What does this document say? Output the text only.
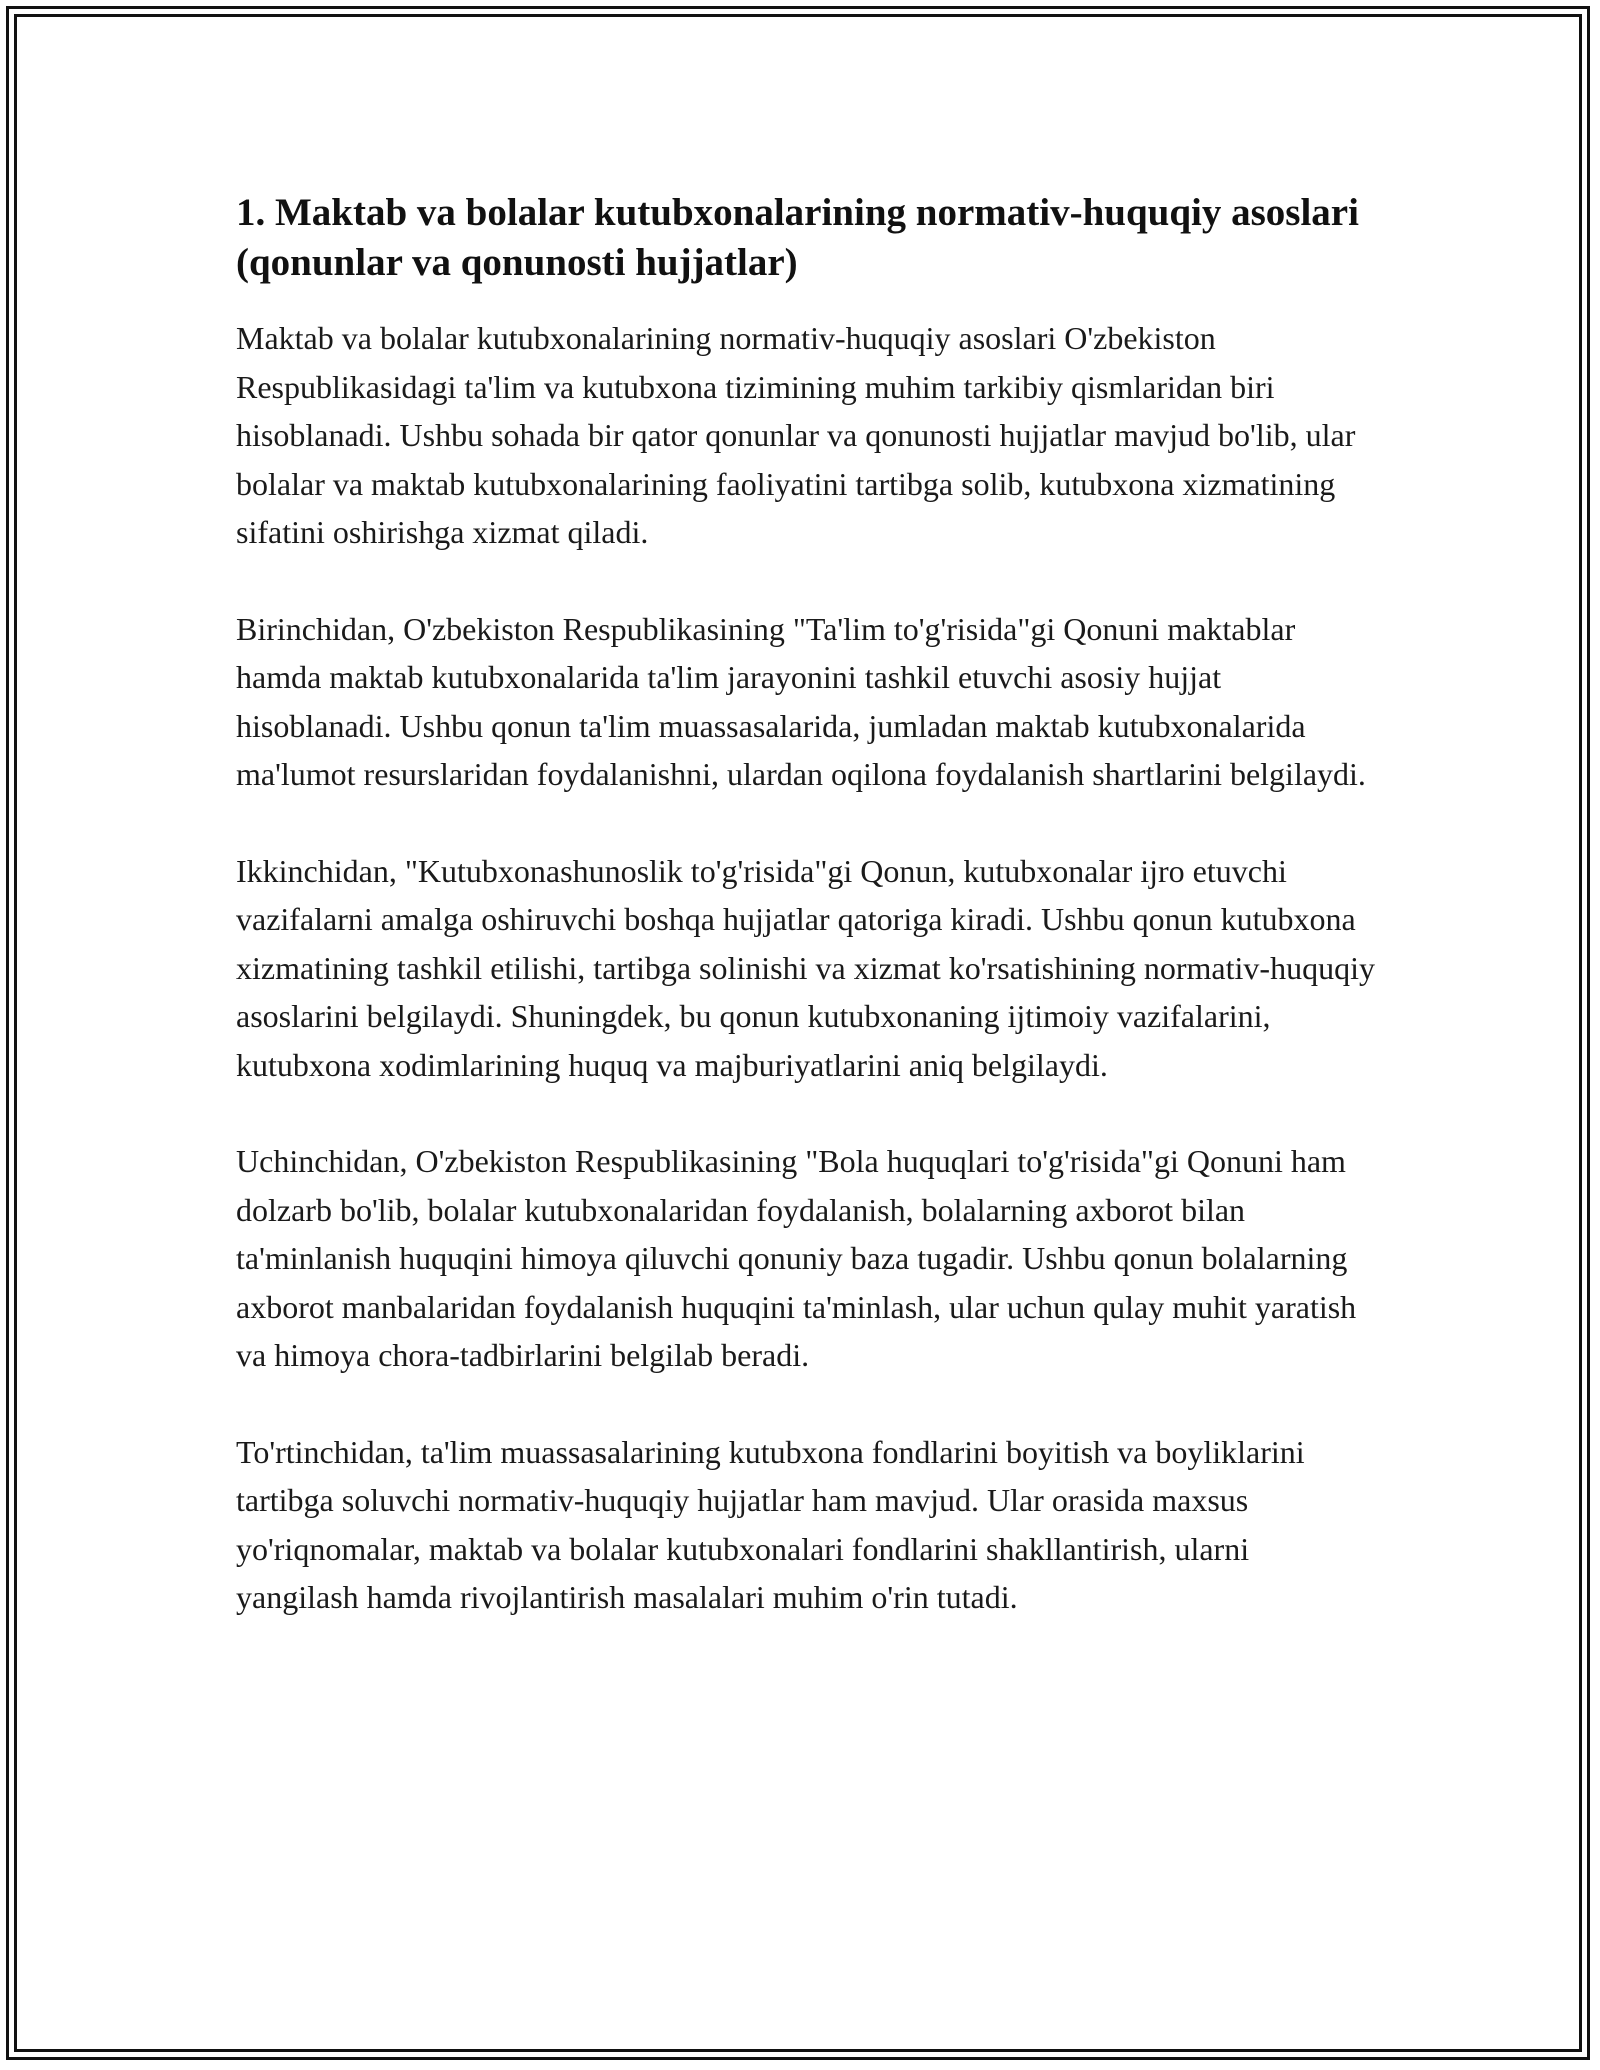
1. Maktab va bolalar kutubxonalarining normativ-huquqiy asoslari (qonunlar va qonunosti hujjatlar)

Maktab va bolalar kutubxonalarining normativ-huquqiy asoslari O'zbekiston Respublikasidagi ta'lim va kutubxona tizimining muhim tarkibiy qismlaridan biri hisoblanadi. Ushbu sohada bir qator qonunlar va qonunosti hujjatlar mavjud bo'lib, ular bolalar va maktab kutubxonalarining faoliyatini tartibga solib, kutubxona xizmatining sifatini oshirishga xizmat qiladi.

Birinchidan, O'zbekiston Respublikasining "Ta'lim to'g'risida"gi Qonuni maktablar hamda maktab kutubxonalarida ta'lim jarayonini tashkil etuvchi asosiy hujjat hisoblanadi. Ushbu qonun ta'lim muassasalarida, jumladan maktab kutubxonalarida ma'lumot resurslaridan foydalanishni, ulardan oqilona foydalanish shartlarini belgilaydi.

Ikkinchidan, "Kutubxonashunoslik to'g'risida"gi Qonun, kutubxonalar ijro etuvchi vazifalarni amalga oshiruvchi boshqa hujjatlar qatoriga kiradi. Ushbu qonun kutubxona xizmatining tashkil etilishi, tartibga solinishi va xizmat ko'rsatishining normativ-huquqiy asoslarini belgilaydi. Shuningdek, bu qonun kutubxonaning ijtimoiy vazifalarini, kutubxona xodimlarining huquq va majburiyatlarini aniq belgilaydi.

Uchinchidan, O'zbekiston Respublikasining "Bola huquqlari to'g'risida"gi Qonuni ham dolzarb bo'lib, bolalar kutubxonalaridan foydalanish, bolalarning axborot bilan ta'minlanish huquqini himoya qiluvchi qonuniy baza tugadir. Ushbu qonun bolalarning axborot manbalaridan foydalanish huquqini ta'minlash, ular uchun qulay muhit yaratish va himoya chora-tadbirlarini belgilab beradi.

To'rtinchidan, ta'lim muassasalarining kutubxona fondlarini boyitish va boyliklarini tartibga soluvchi normativ-huquqiy hujjatlar ham mavjud. Ular orasida maxsus yo'riqnomalar, maktab va bolalar kutubxonalari fondlarini shakllantirish, ularni yangilash hamda rivojlantirish masalalari muhim o'rin tutadi.
